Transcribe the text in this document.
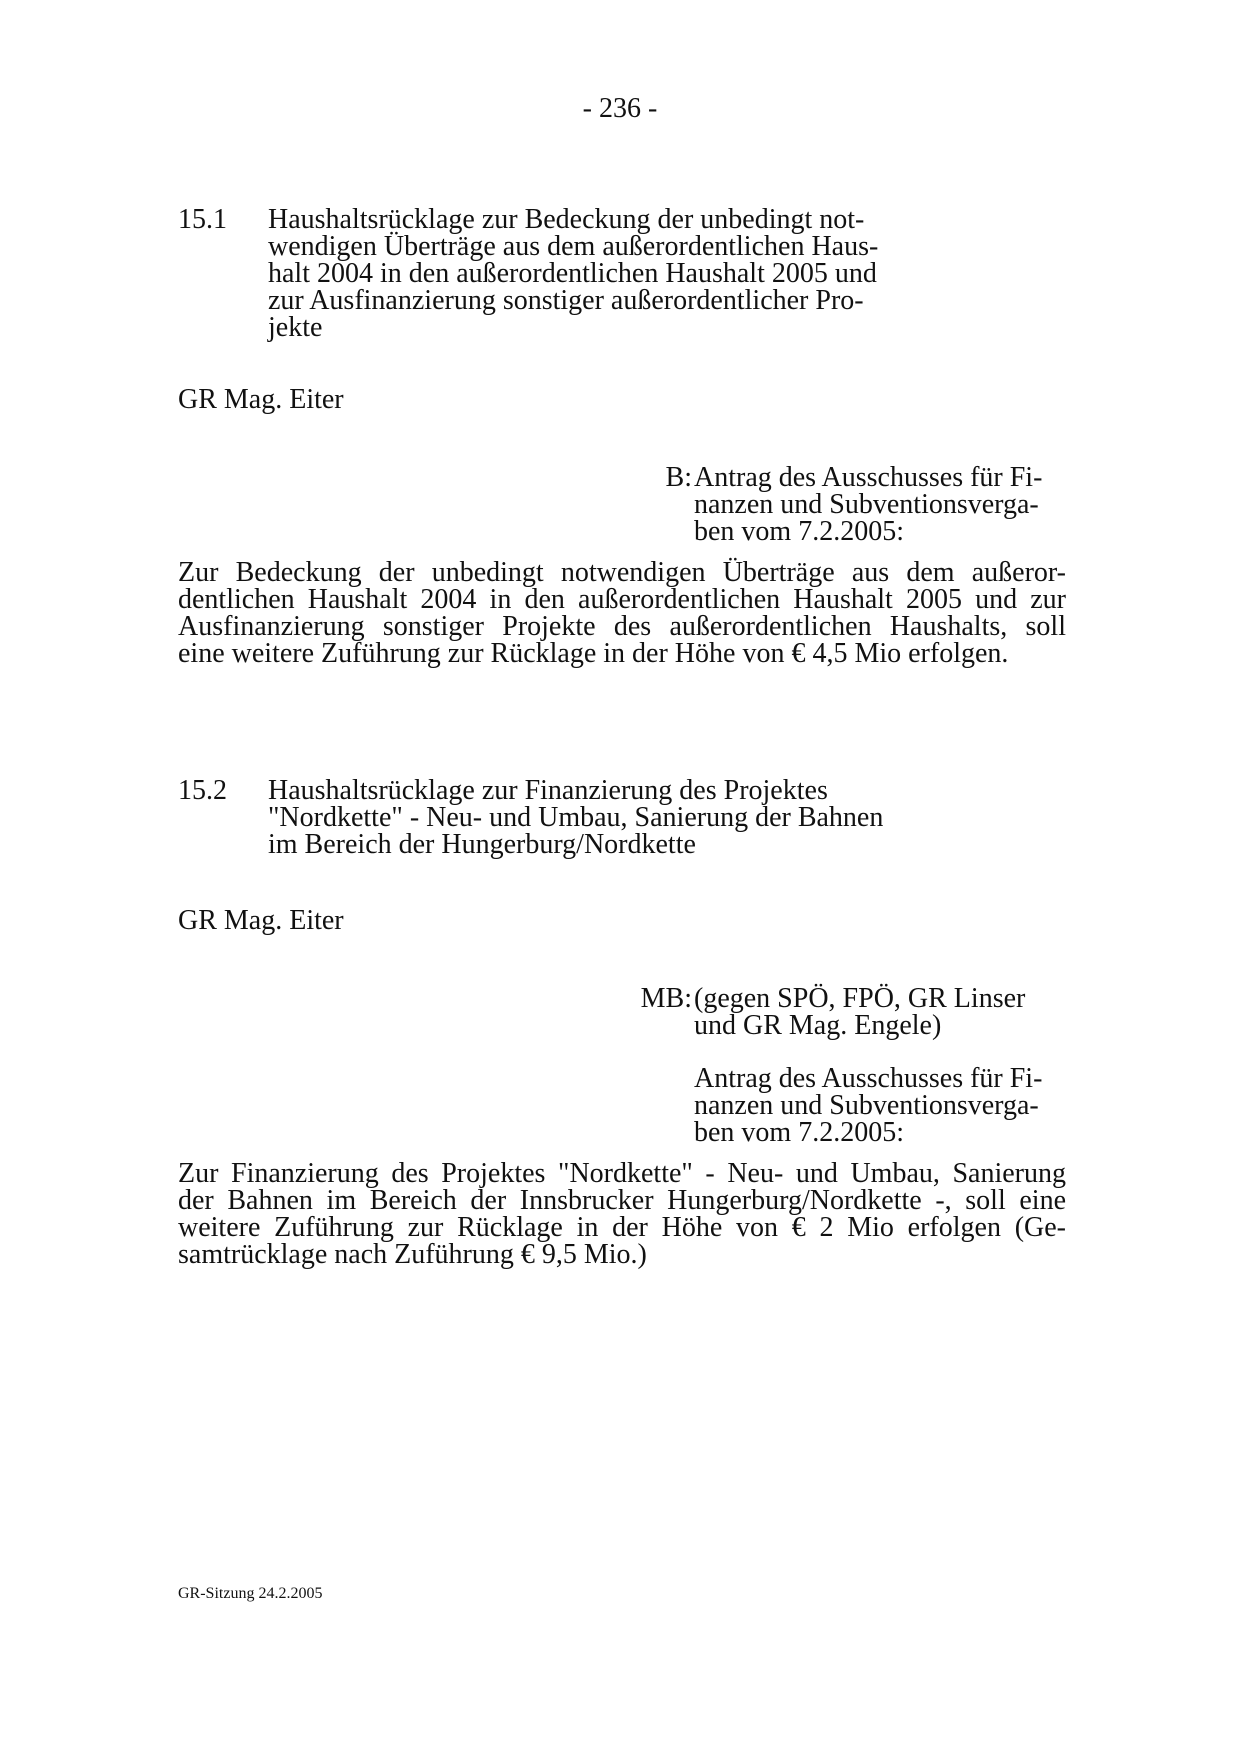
- 236 -
15.1 Haushaltsrücklage zur Bedeckung der unbedingt not-
wendigen Überträge aus dem außerordentlichen Haus-
halt 2004 in den außerordentlichen Haushalt 2005 und
zur Ausfinanzierung sonstiger außerordentlicher Pro-
jekte
GR Mag. Eiter
B: Antrag des Ausschusses für Fi-
nanzen und Subventionsverga-
ben vom 7.2.2005:
Zur Bedeckung der unbedingt notwendigen Überträge aus dem außeror-
dentlichen Haushalt 2004 in den außerordentlichen Haushalt 2005 und zur
Ausfinanzierung sonstiger Projekte des außerordentlichen Haushalts, soll
eine weitere Zuführung zur Rücklage in der Höhe von € 4,5 Mio erfolgen.
15.2 Haushaltsrücklage zur Finanzierung des Projektes
"Nordkette" - Neu- und Umbau, Sanierung der Bahnen
im Bereich der Hungerburg/Nordkette
GR Mag. Eiter
MB: (gegen SPÖ, FPÖ, GR Linser
und GR Mag. Engele)
Antrag des Ausschusses für Fi-
nanzen und Subventionsverga-
ben vom 7.2.2005:
Zur Finanzierung des Projektes "Nordkette" - Neu- und Umbau, Sanierung
der Bahnen im Bereich der Innsbrucker Hungerburg/Nordkette -, soll eine
weitere Zuführung zur Rücklage in der Höhe von € 2 Mio erfolgen (Ge-
samtrücklage nach Zuführung € 9,5 Mio.)
GR-Sitzung 24.2.2005
